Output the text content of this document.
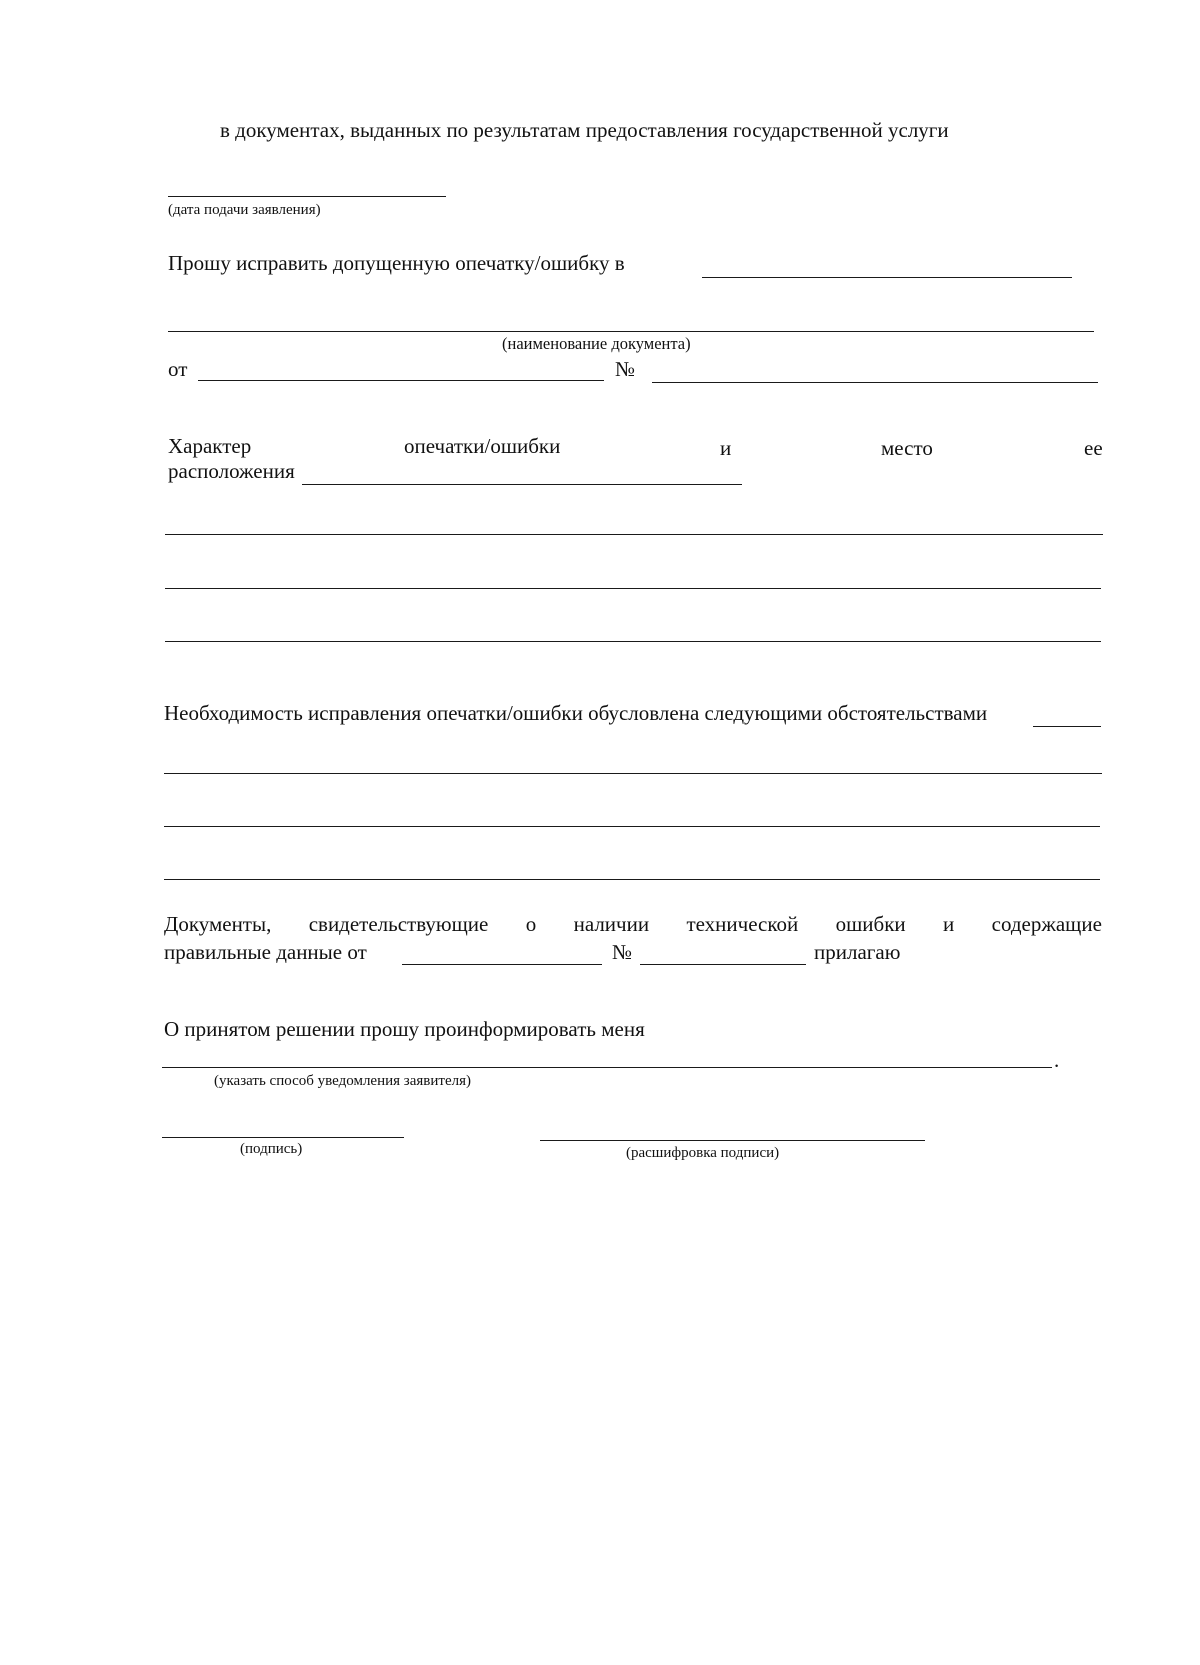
в документах, выданных по результатам предоставления государственной услуги
(дата подачи заявления)
Прошу исправить допущенную опечатку/ошибку в
(наименование документа)
от	№
Характер	опечатки/ошибки	и	место	ее
расположения
Необходимость исправления опечатки/ошибки обусловлена следующими обстоятельствами
Документы, свидетельствующие о наличии технической ошибки и содержащие
правильные данные от	№	прилагаю
О принятом решении прошу проинформировать меня
.
(указать способ уведомления заявителя)
(подпись)	(расшифровка подписи)
